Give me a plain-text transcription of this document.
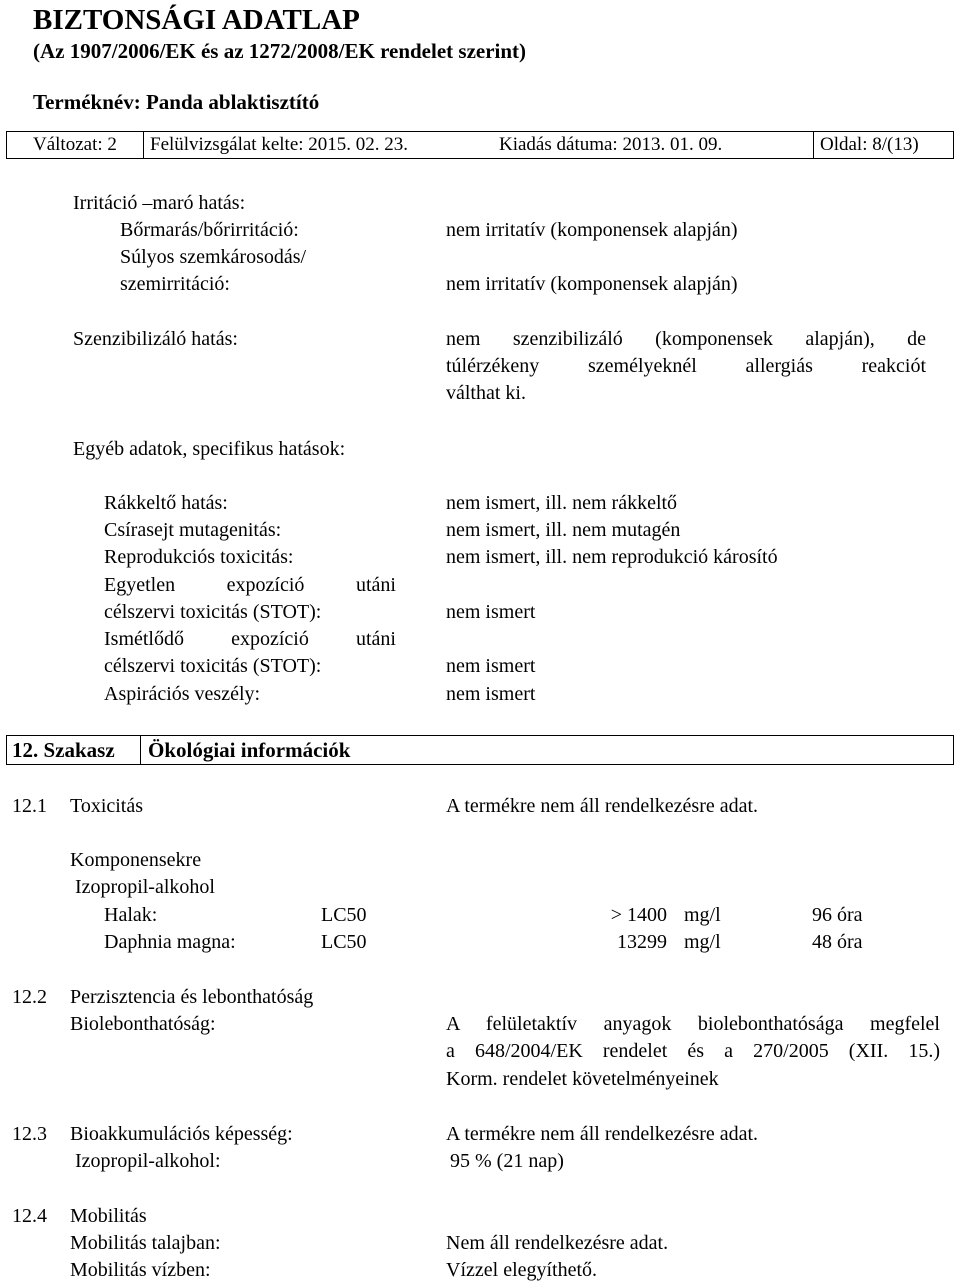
BIZTONSÁGI ADATLAP
(Az 1907/2006/EK és az 1272/2008/EK rendelet szerint)
Terméknév: Panda ablaktisztító
Változat: 2 Felülvizsgálat kelte: 2015. 02. 23.	Kiadás dátuma: 2013. 01. 09.	Oldal: 8/(13)
Irritáció –maró hatás:
Bőrmarás/bőrirritáció:	nem irritatív (komponensek alapján)
Súlyos szemkárosodás/
szemirritáció:	nem irritatív (komponensek alapján)
Szenzibilizáló hatás:	nem szenzibilizáló (komponensek alapján), de
túlérzékeny személyeknél allergiás reakciót
válthat ki.
Egyéb adatok, specifikus hatások:
Rákkeltő hatás:	nem ismert, ill. nem rákkeltő
Csírasejt mutagenitás:	nem ismert, ill. nem mutagén
Reprodukciós toxicitás:	nem ismert, ill. nem reprodukció károsító
Egyetlen expozíció utáni
célszervi toxicitás (STOT):	nem ismert
Ismétlődő expozíció utáni
célszervi toxicitás (STOT):	nem ismert
Aspirációs veszély:	nem ismert
12. Szakasz Ökológiai információk
12.1 Toxicitás	A termékre nem áll rendelkezésre adat.
Komponensekre
Izopropil-alkohol
Halak:	LC50	> 1400 mg/l	96 óra
Daphnia magna:	LC50	13299 mg/l	48 óra
12.2 Perzisztencia és lebonthatóság
Biolebonthatóság:	A felületaktív anyagok biolebonthatósága megfelel
a 648/2004/EK rendelet és a 270/2005 (XII. 15.)
Korm. rendelet követelményeinek
12.3 Bioakkumulációs képesség:	A termékre nem áll rendelkezésre adat.
Izopropil-alkohol:	95 % (21 nap)
12.4 Mobilitás
Mobilitás talajban:	Nem áll rendelkezésre adat.
Mobilitás vízben:	Vízzel elegyíthető.
